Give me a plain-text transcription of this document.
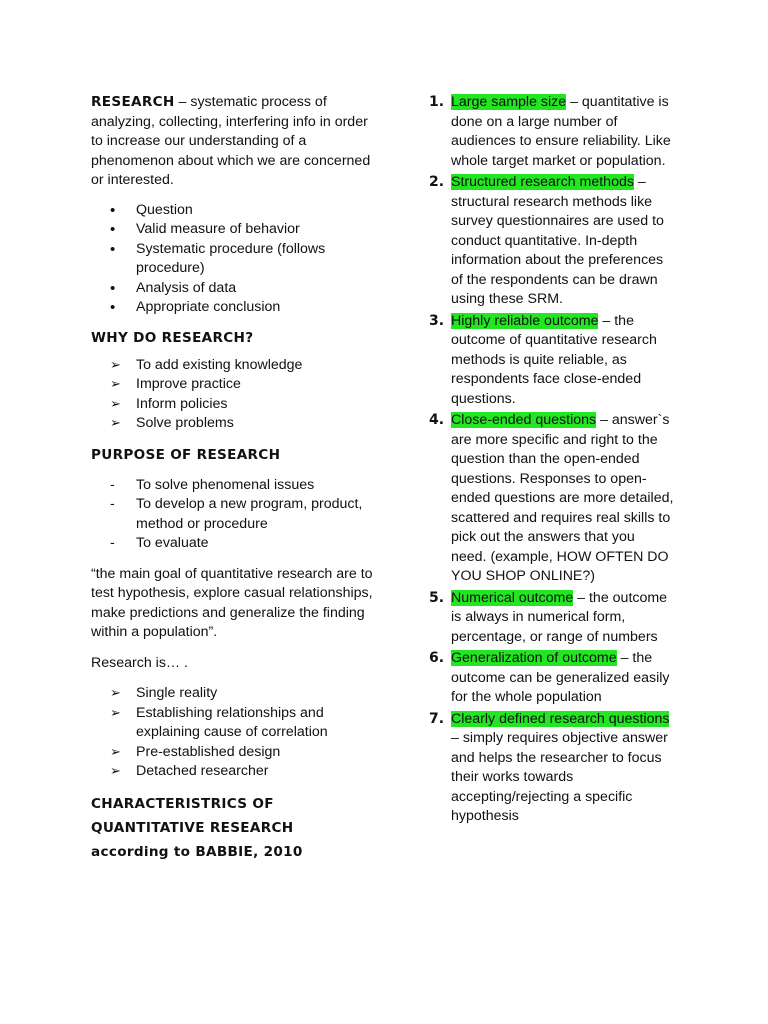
RESEARCH – systematic process of analyzing, collecting, interfering info in order to increase our understanding of a phenomenon about which we are concerned or interested.

•
Question
•
Valid measure of behavior
•
Systematic procedure (follows procedure)
•
Analysis of data
•
Appropriate conclusion

WHY DO RESEARCH?

➢
To add existing knowledge
➢
Improve practice
➢
Inform policies
➢
Solve problems

PURPOSE OF RESEARCH

-
To solve phenomenal issues
-
To develop a new program, product, method or procedure
-
To evaluate

“the main goal of quantitative research are to test hypothesis, explore casual relationships, make predictions and generalize the finding within a population”.

Research is… .

➢
Single reality
➢
Establishing relationships and explaining cause of correlation
➢
Pre-established design
➢
Detached researcher

CHARACTERISTRICS OF QUANTITATIVE RESEARCH according to BABBIE, 2010

1. Large sample size – quantitative is done on a large number of audiences to ensure reliability. Like whole target market or population.
2. Structured research methods – structural research methods like survey questionnaires are used to conduct quantitative. In-depth information about the preferences of the respondents can be drawn using these SRM.
3. Highly reliable outcome – the outcome of quantitative research methods is quite reliable, as respondents face close-ended questions.
4. Close-ended questions – answer`s are more specific and right to the question than the open-ended questions. Responses to open-ended questions are more detailed, scattered and requires real skills to pick out the answers that you need. (example, HOW OFTEN DO YOU SHOP ONLINE?)
5. Numerical outcome – the outcome is always in numerical form, percentage, or range of numbers
6. Generalization of outcome – the outcome can be generalized easily for the whole population
7. Clearly defined research questions – simply requires objective answer and helps the researcher to focus their works towards accepting/rejecting a specific hypothesis
